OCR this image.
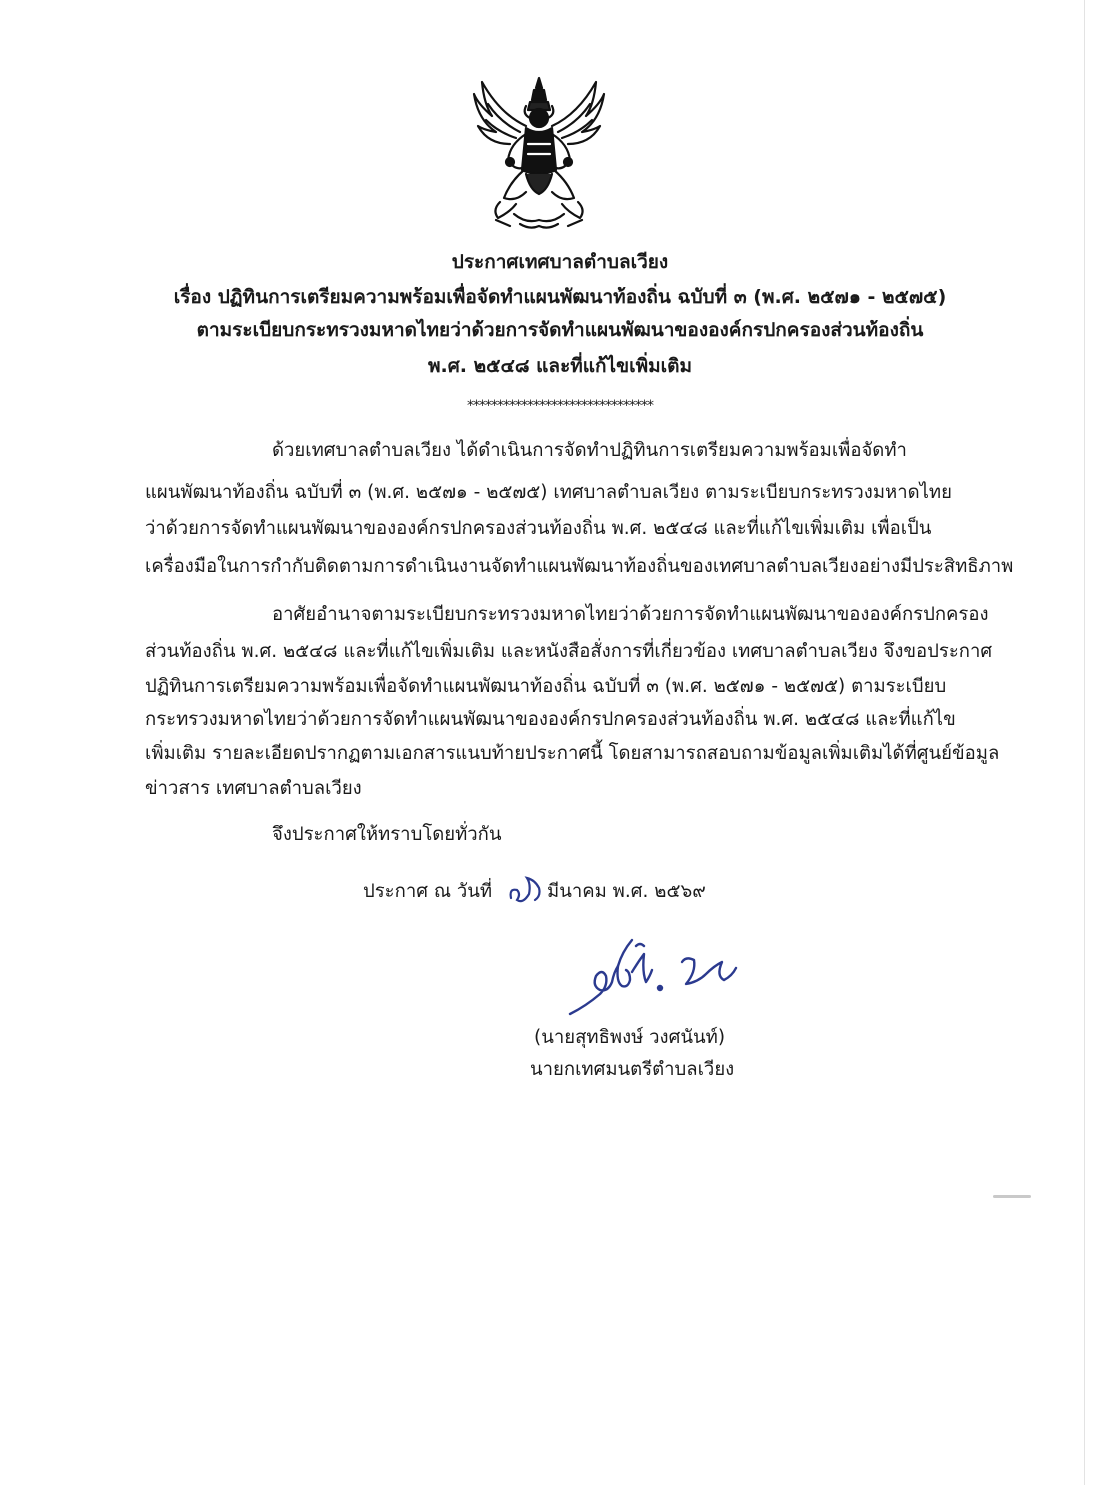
ประกาศเทศบาลตำบลเวียง
เรื่อง ปฏิทินการเตรียมความพร้อมเพื่อจัดทำแผนพัฒนาท้องถิ่น ฉบับที่ ๓ (พ.ศ. ๒๕๗๑ - ๒๕๗๕)
ตามระเบียบกระทรวงมหาดไทยว่าด้วยการจัดทำแผนพัฒนาขององค์กรปกครองส่วนท้องถิ่น
พ.ศ. ๒๕๔๘ และที่แก้ไขเพิ่มเติม
*******************************
ด้วยเทศบาลตำบลเวียง ได้ดำเนินการจัดทำปฏิทินการเตรียมความพร้อมเพื่อจัดทำ
แผนพัฒนาท้องถิ่น ฉบับที่ ๓ (พ.ศ. ๒๕๗๑ - ๒๕๗๕) เทศบาลตำบลเวียง ตามระเบียบกระทรวงมหาดไทย
ว่าด้วยการจัดทำแผนพัฒนาขององค์กรปกครองส่วนท้องถิ่น พ.ศ. ๒๕๔๘ และที่แก้ไขเพิ่มเติม เพื่อเป็น
เครื่องมือในการกำกับติดตามการดำเนินงานจัดทำแผนพัฒนาท้องถิ่นของเทศบาลตำบลเวียงอย่างมีประสิทธิภาพ
อาศัยอำนาจตามระเบียบกระทรวงมหาดไทยว่าด้วยการจัดทำแผนพัฒนาขององค์กรปกครอง
ส่วนท้องถิ่น พ.ศ. ๒๕๔๘ และที่แก้ไขเพิ่มเติม และหนังสือสั่งการที่เกี่ยวข้อง เทศบาลตำบลเวียง จึงขอประกาศ
ปฏิทินการเตรียมความพร้อมเพื่อจัดทำแผนพัฒนาท้องถิ่น ฉบับที่ ๓ (พ.ศ. ๒๕๗๑ - ๒๕๗๕) ตามระเบียบ
กระทรวงมหาดไทยว่าด้วยการจัดทำแผนพัฒนาขององค์กรปกครองส่วนท้องถิ่น พ.ศ. ๒๕๔๘ และที่แก้ไข
เพิ่มเติม รายละเอียดปรากฏตามเอกสารแนบท้ายประกาศนี้ โดยสามารถสอบถามข้อมูลเพิ่มเติมได้ที่ศูนย์ข้อมูล
ข่าวสาร เทศบาลตำบลเวียง
จึงประกาศให้ทราบโดยทั่วกัน
ประกาศ ณ วันที่	มีนาคม พ.ศ. ๒๕๖๙
(นายสุทธิพงษ์ วงศนันท์)
นายกเทศมนตรีตำบลเวียง
